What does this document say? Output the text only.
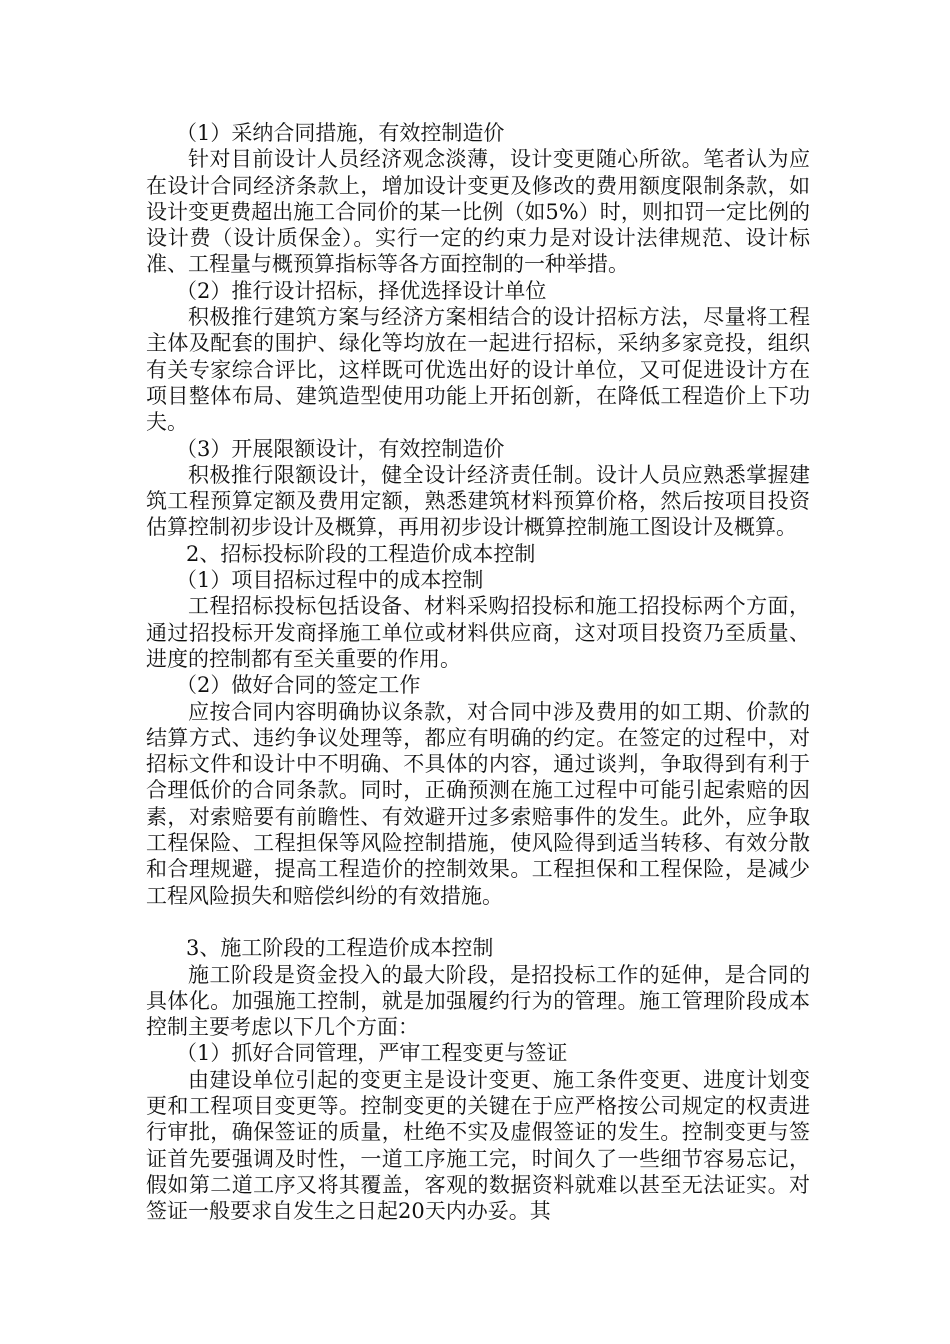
（1）采纳合同措施，有效控制造价

针对目前设计人员经济观念淡薄，设计变更随心所欲。笔者认为应在设计合同经济条款上，增加设计变更及修改的费用额度限制条款，如设计变更费超出施工合同价的某一比例（如5%）时，则扣罚一定比例的设计费（设计质保金）。实行一定的约束力是对设计法律规范、设计标准、工程量与概预算指标等各方面控制的一种举措。

（2）推行设计招标，择优选择设计单位

积极推行建筑方案与经济方案相结合的设计招标方法，尽量将工程主体及配套的围护、绿化等均放在一起进行招标，采纳多家竞投，组织有关专家综合评比，这样既可优选出好的设计单位，又可促进设计方在项目整体布局、建筑造型使用功能上开拓创新，在降低工程造价上下功夫。

（3）开展限额设计，有效控制造价

积极推行限额设计，健全设计经济责任制。设计人员应熟悉掌握建筑工程预算定额及费用定额，熟悉建筑材料预算价格，然后按项目投资估算控制初步设计及概算，再用初步设计概算控制施工图设计及概算。

2、招标投标阶段的工程造价成本控制

（1）项目招标过程中的成本控制

工程招标投标包括设备、材料采购招投标和施工招投标两个方面，通过招投标开发商择施工单位或材料供应商，这对项目投资乃至质量、进度的控制都有至关重要的作用。

（2）做好合同的签定工作

应按合同内容明确协议条款，对合同中涉及费用的如工期、价款的结算方式、违约争议处理等，都应有明确的约定。在签定的过程中，对招标文件和设计中不明确、不具体的内容，通过谈判，争取得到有利于合理低价的合同条款。同时，正确预测在施工过程中可能引起索赔的因素，对索赔要有前瞻性、有效避开过多索赔事件的发生。此外，应争取工程保险、工程担保等风险控制措施，使风险得到适当转移、有效分散和合理规避，提高工程造价的控制效果。工程担保和工程保险，是减少工程风险损失和赔偿纠纷的有效措施。

3、施工阶段的工程造价成本控制

施工阶段是资金投入的最大阶段，是招投标工作的延伸，是合同的具体化。加强施工控制，就是加强履约行为的管理。施工管理阶段成本控制主要考虑以下几个方面：

（1）抓好合同管理，严审工程变更与签证

由建设单位引起的变更主是设计变更、施工条件变更、进度计划变更和工程项目变更等。控制变更的关键在于应严格按公司规定的权责进行审批，确保签证的质量，杜绝不实及虚假签证的发生。控制变更与签证首先要强调及时性，一道工序施工完，时间久了一些细节容易忘记，假如第二道工序又将其覆盖，客观的数据资料就难以甚至无法证实。对签证一般要求自发生之日起20天内办妥。其
